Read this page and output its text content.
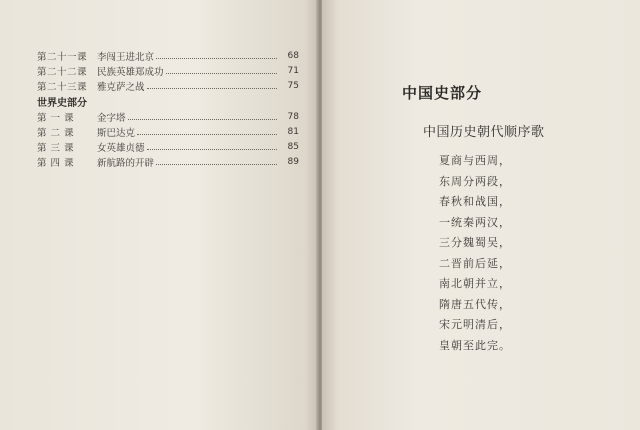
第二十一课	李闯王进北京	68
第二十二课	民族英雄郑成功	71
第二十三课	雅克萨之战	75
世界史部分
第 一 课	金字塔	78
第 二 课	斯巴达克	81
第 三 课	女英雄贞德	85
第 四 课	新航路的开辟	89
中国史部分
中国历史朝代顺序歌
夏商与西周，
东周分两段，
春秋和战国，
一统秦两汉，
三分魏蜀吴，
二晋前后延，
南北朝并立，
隋唐五代传，
宋元明清后，
皇朝至此完。
